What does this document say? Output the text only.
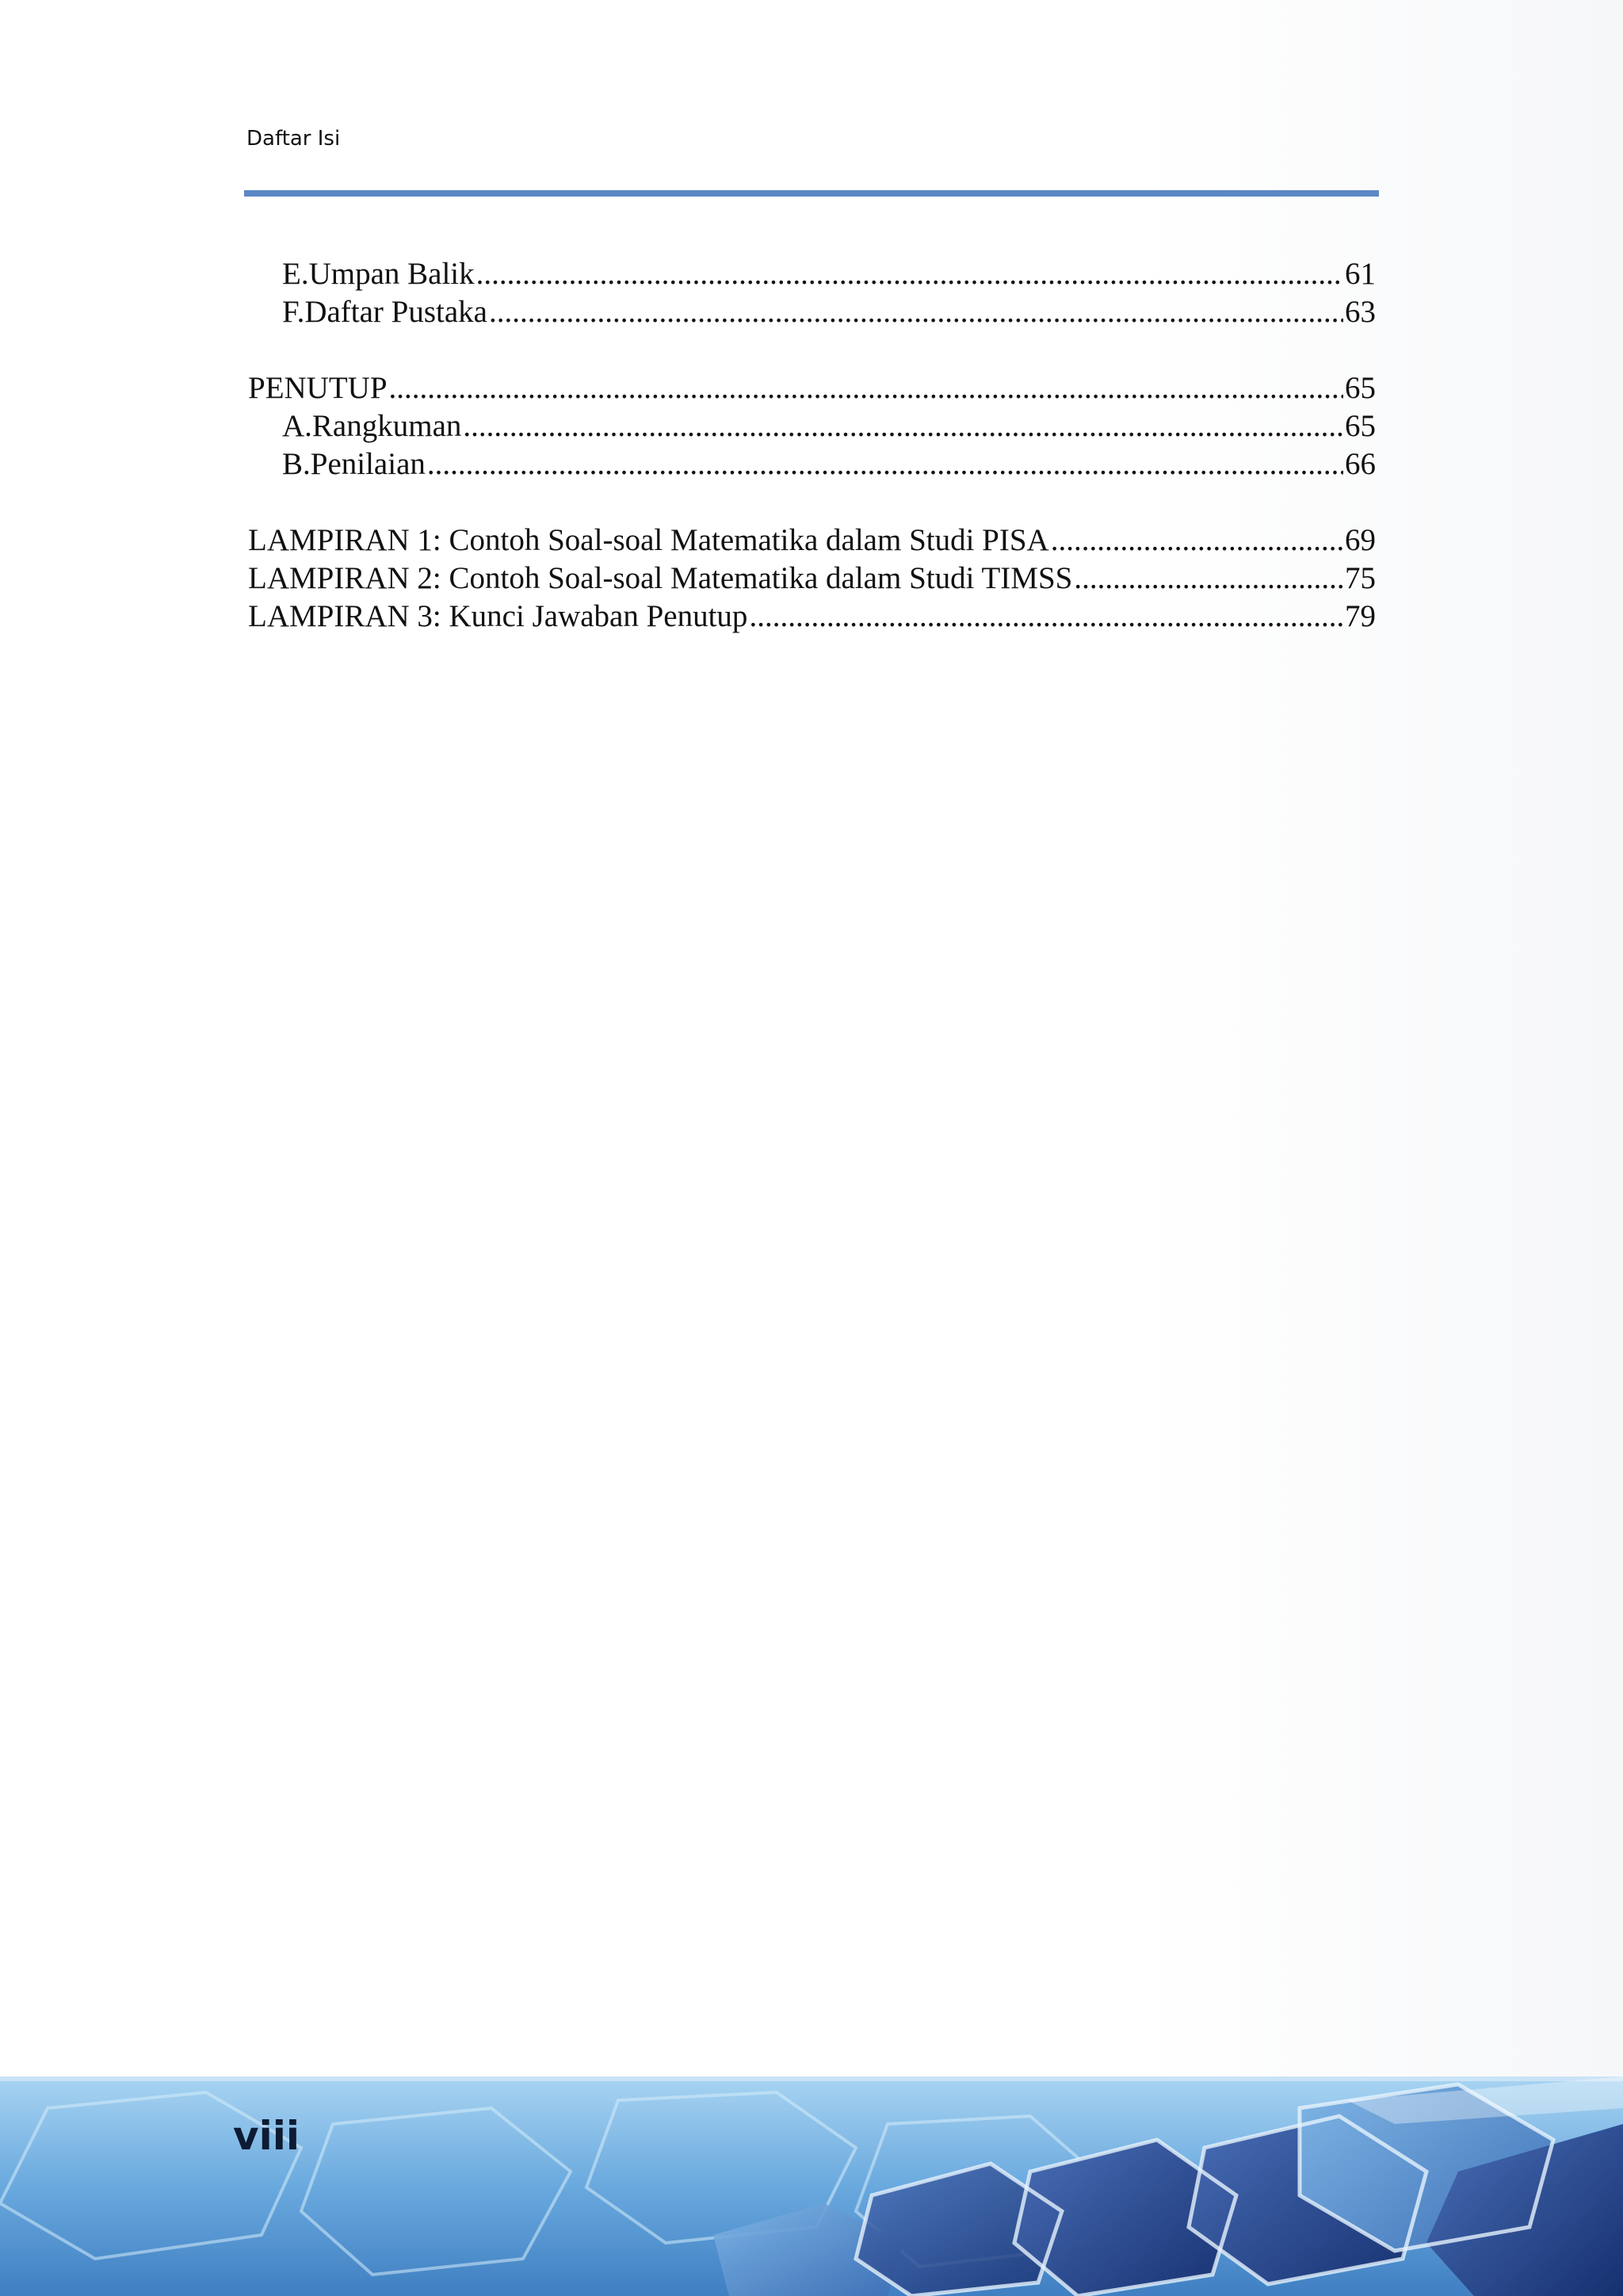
Daftar Isi
E. Umpan Balik .....	61
F. Daftar Pustaka .....	63
PENUTUP .....	65
A. Rangkuman .....	65
B. Penilaian .....	66
LAMPIRAN 1: Contoh Soal-soal Matematika dalam Studi PISA .....	69
LAMPIRAN 2: Contoh Soal-soal Matematika dalam Studi TIMSS .....	75
LAMPIRAN 3: Kunci Jawaban Penutup .....	79
viii
